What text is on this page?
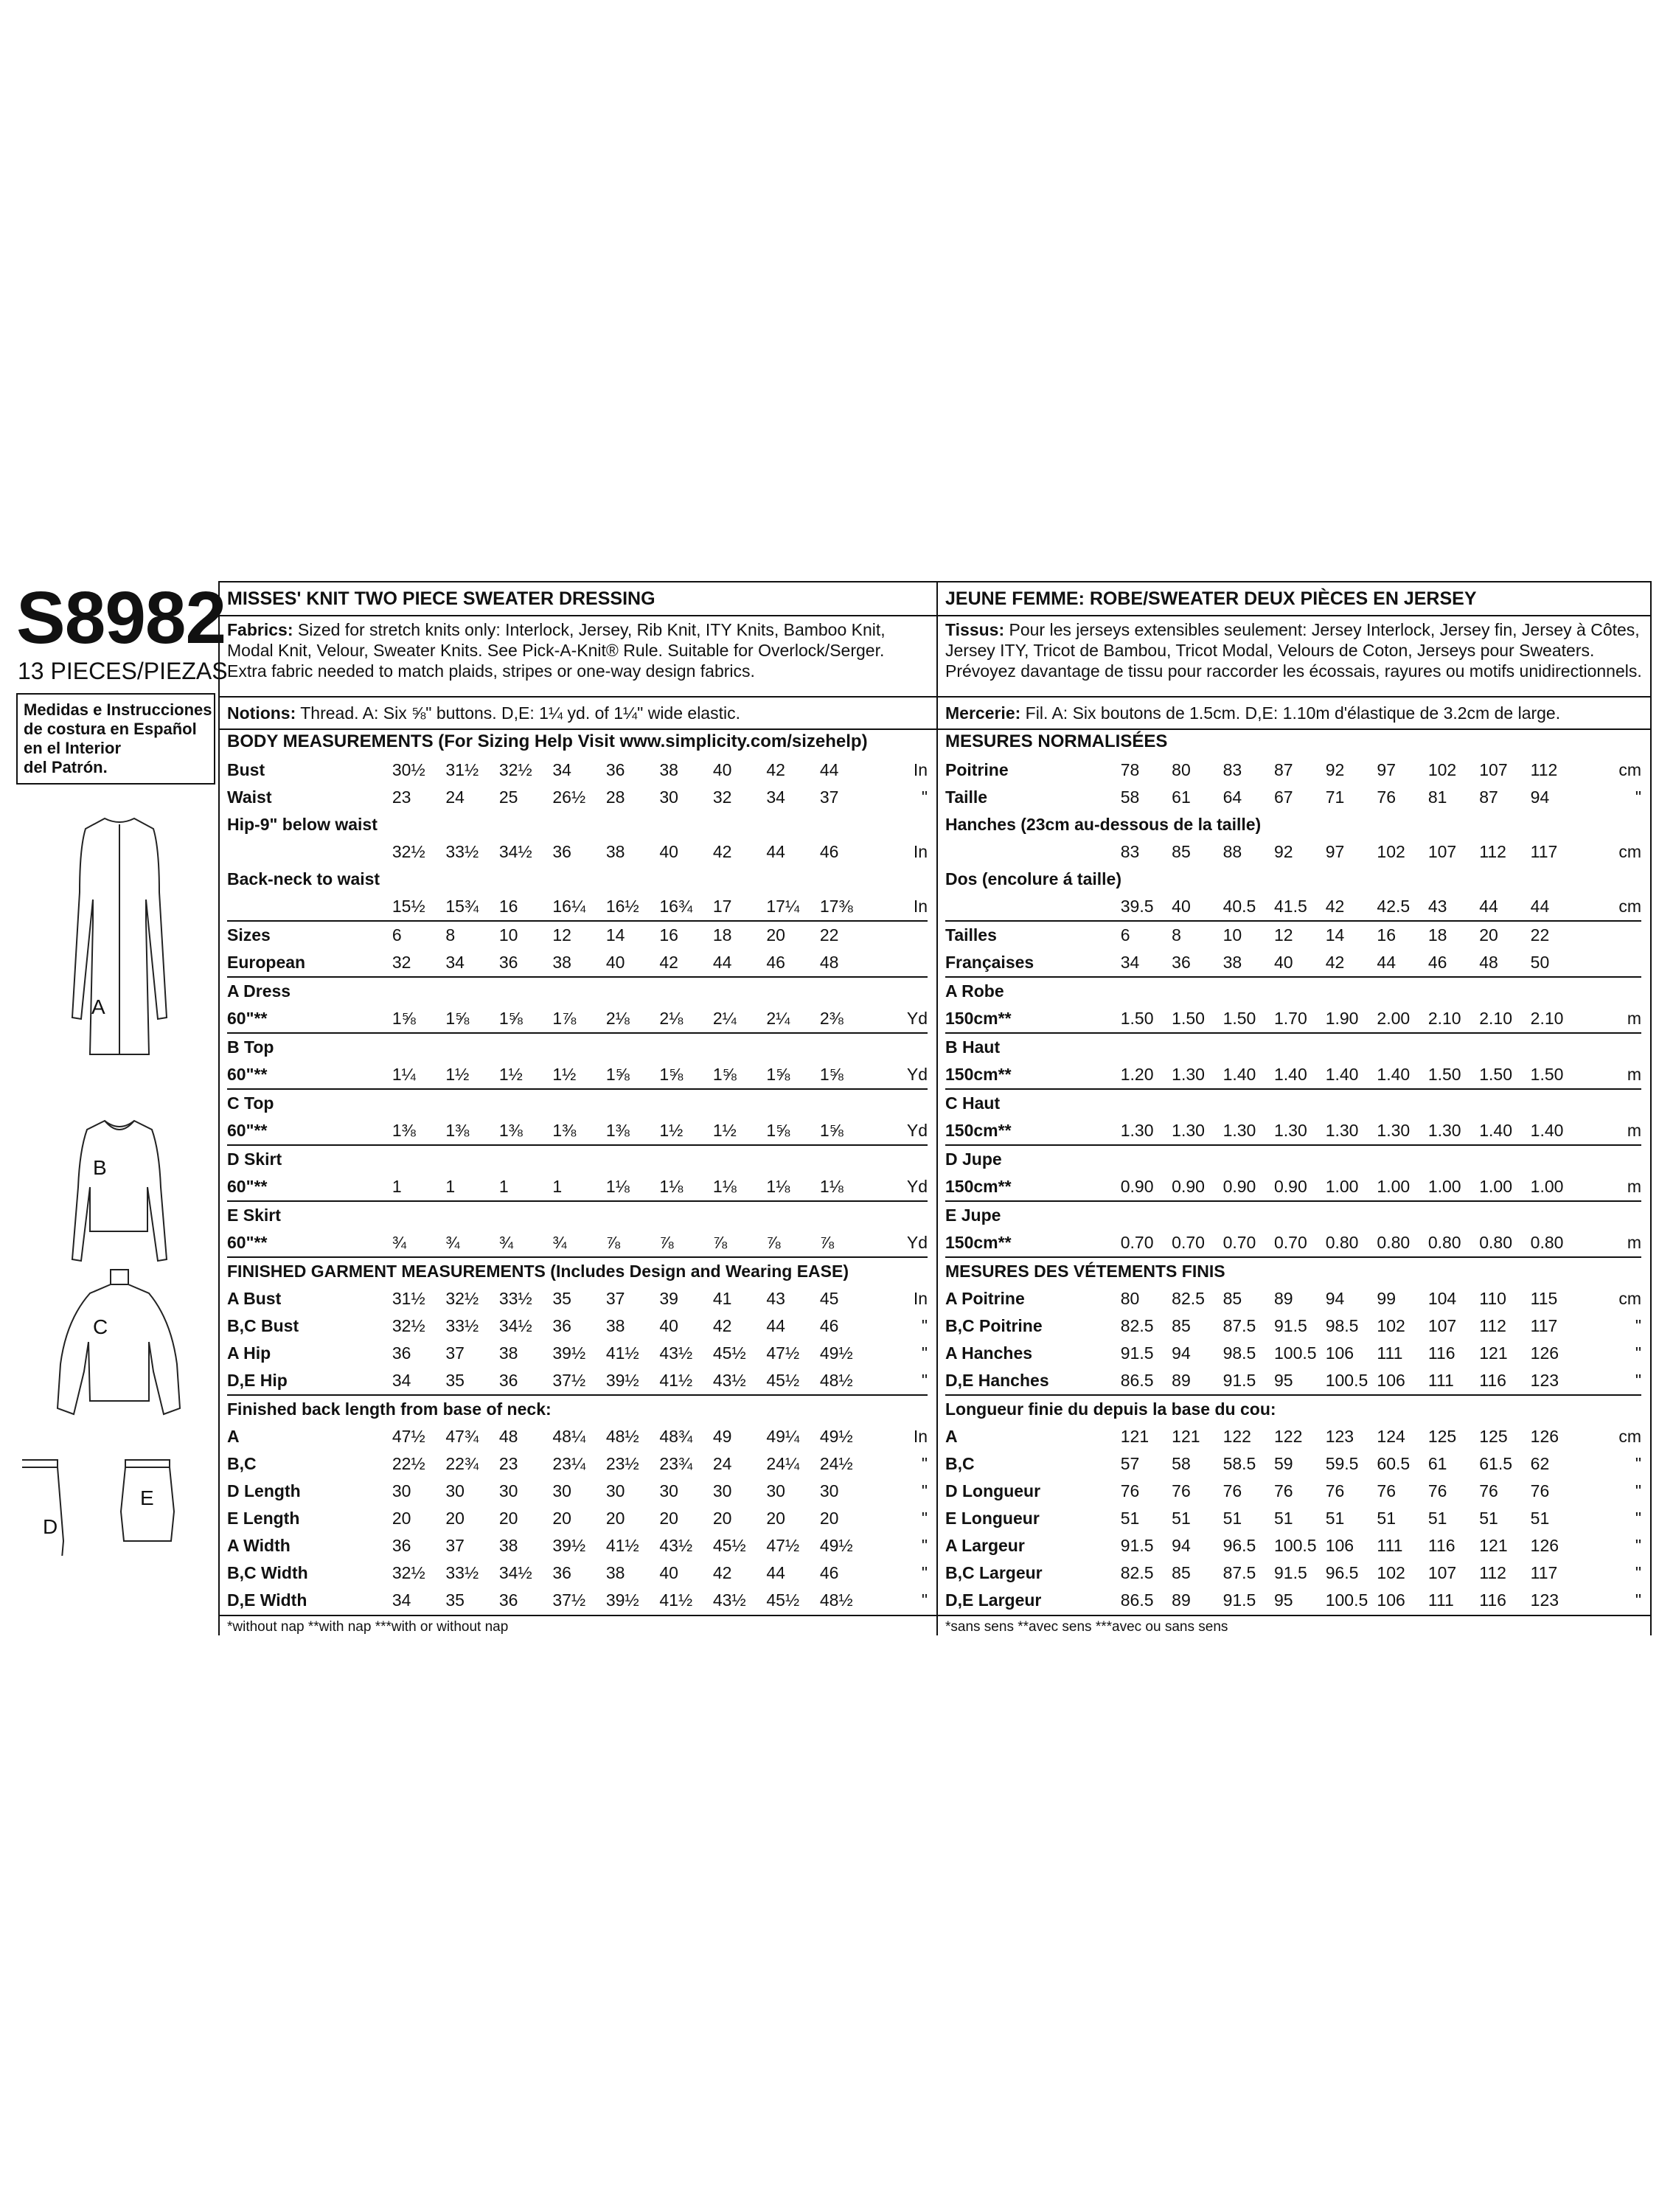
S8982
13 PIECES/PIEZAS
Medidas e Instrucciones
de costura en Español
en el Interior
del Patrón.
A
B
C
D
E
MISSES' KNIT TWO PIECE SWEATER DRESSING
Fabrics: Sized for stretch knits only: Interlock, Jersey, Rib Knit, ITY Knits, Bamboo Knit,
Modal Knit, Velour, Sweater Knits. See Pick-A-Knit® Rule. Suitable for Overlock/Serger.
Extra fabric needed to match plaids, stripes or one-way design fabrics.
Notions: Thread. A: Six ⅝" buttons. D,E: 1¼ yd. of 1¼" wide elastic.
BODY MEASUREMENTS (For Sizing Help Visit www.simplicity.com/sizehelp)
Bust	30½	31½	32½	34	36	38	40	42	44	In
Waist	23	24	25	26½	28	30	32	34	37	"
Hip-9" below waist										
	32½	33½	34½	36	38	40	42	44	46	In
Back-neck to waist										
	15½	15¾	16	16¼	16½	16¾	17	17¼	17⅜	In
Sizes	6	8	10	12	14	16	18	20	22	
European	32	34	36	38	40	42	44	46	48	
A Dress										
60"**	1⅝	1⅝	1⅝	1⅞	2⅛	2⅛	2¼	2¼	2⅜	Yd
B Top										
60"**	1¼	1½	1½	1½	1⅝	1⅝	1⅝	1⅝	1⅝	Yd
C Top										
60"**	1⅜	1⅜	1⅜	1⅜	1⅜	1½	1½	1⅝	1⅝	Yd
D Skirt										
60"**	1	1	1	1	1⅛	1⅛	1⅛	1⅛	1⅛	Yd
E Skirt										
60"**	¾	¾	¾	¾	⅞	⅞	⅞	⅞	⅞	Yd
FINISHED GARMENT MEASUREMENTS (Includes Design and Wearing EASE)										
A Bust	31½	32½	33½	35	37	39	41	43	45	In
B,C Bust	32½	33½	34½	36	38	40	42	44	46	"
A Hip	36	37	38	39½	41½	43½	45½	47½	49½	"
D,E Hip	34	35	36	37½	39½	41½	43½	45½	48½	"
Finished back length from base of neck:										
A	47½	47¾	48	48¼	48½	48¾	49	49¼	49½	In
B,C	22½	22¾	23	23¼	23½	23¾	24	24¼	24½	"
D Length	30	30	30	30	30	30	30	30	30	"
E Length	20	20	20	20	20	20	20	20	20	"
A Width	36	37	38	39½	41½	43½	45½	47½	49½	"
B,C Width	32½	33½	34½	36	38	40	42	44	46	"
D,E Width	34	35	36	37½	39½	41½	43½	45½	48½	"
*without nap **with nap ***with or without nap
JEUNE FEMME: ROBE/SWEATER DEUX PIÈCES EN JERSEY
Tissus: Pour les jerseys extensibles seulement: Jersey Interlock, Jersey fin, Jersey à Côtes,
Jersey ITY, Tricot de Bambou, Tricot Modal, Velours de Coton, Jerseys pour Sweaters.
Prévoyez davantage de tissu pour raccorder les écossais, rayures ou motifs unidirectionnels.
Mercerie: Fil. A: Six boutons de 1.5cm. D,E: 1.10m d'élastique de 3.2cm de large.
MESURES NORMALISÉES
Poitrine	78	80	83	87	92	97	102	107	112	cm
Taille	58	61	64	67	71	76	81	87	94	"
Hanches (23cm au-dessous de la taille)										
	83	85	88	92	97	102	107	112	117	cm
Dos (encolure á taille)										
	39.5	40	40.5	41.5	42	42.5	43	44	44	cm
Tailles	6	8	10	12	14	16	18	20	22	
Françaises	34	36	38	40	42	44	46	48	50	
A Robe										
150cm**	1.50	1.50	1.50	1.70	1.90	2.00	2.10	2.10	2.10	m
B Haut										
150cm**	1.20	1.30	1.40	1.40	1.40	1.40	1.50	1.50	1.50	m
C Haut										
150cm**	1.30	1.30	1.30	1.30	1.30	1.30	1.30	1.40	1.40	m
D Jupe										
150cm**	0.90	0.90	0.90	0.90	1.00	1.00	1.00	1.00	1.00	m
E Jupe										
150cm**	0.70	0.70	0.70	0.70	0.80	0.80	0.80	0.80	0.80	m
MESURES DES VÉTEMENTS FINIS										
A Poitrine	80	82.5	85	89	94	99	104	110	115	cm
B,C Poitrine	82.5	85	87.5	91.5	98.5	102	107	112	117	"
A Hanches	91.5	94	98.5	100.5	106	111	116	121	126	"
D,E Hanches	86.5	89	91.5	95	100.5	106	111	116	123	"
Longueur finie du depuis la base du cou:										
A	121	121	122	122	123	124	125	125	126	cm
B,C	57	58	58.5	59	59.5	60.5	61	61.5	62	"
D Longueur	76	76	76	76	76	76	76	76	76	"
E Longueur	51	51	51	51	51	51	51	51	51	"
A Largeur	91.5	94	96.5	100.5	106	111	116	121	126	"
B,C Largeur	82.5	85	87.5	91.5	96.5	102	107	112	117	"
D,E Largeur	86.5	89	91.5	95	100.5	106	111	116	123	"
*sans sens **avec sens ***avec ou sans sens
